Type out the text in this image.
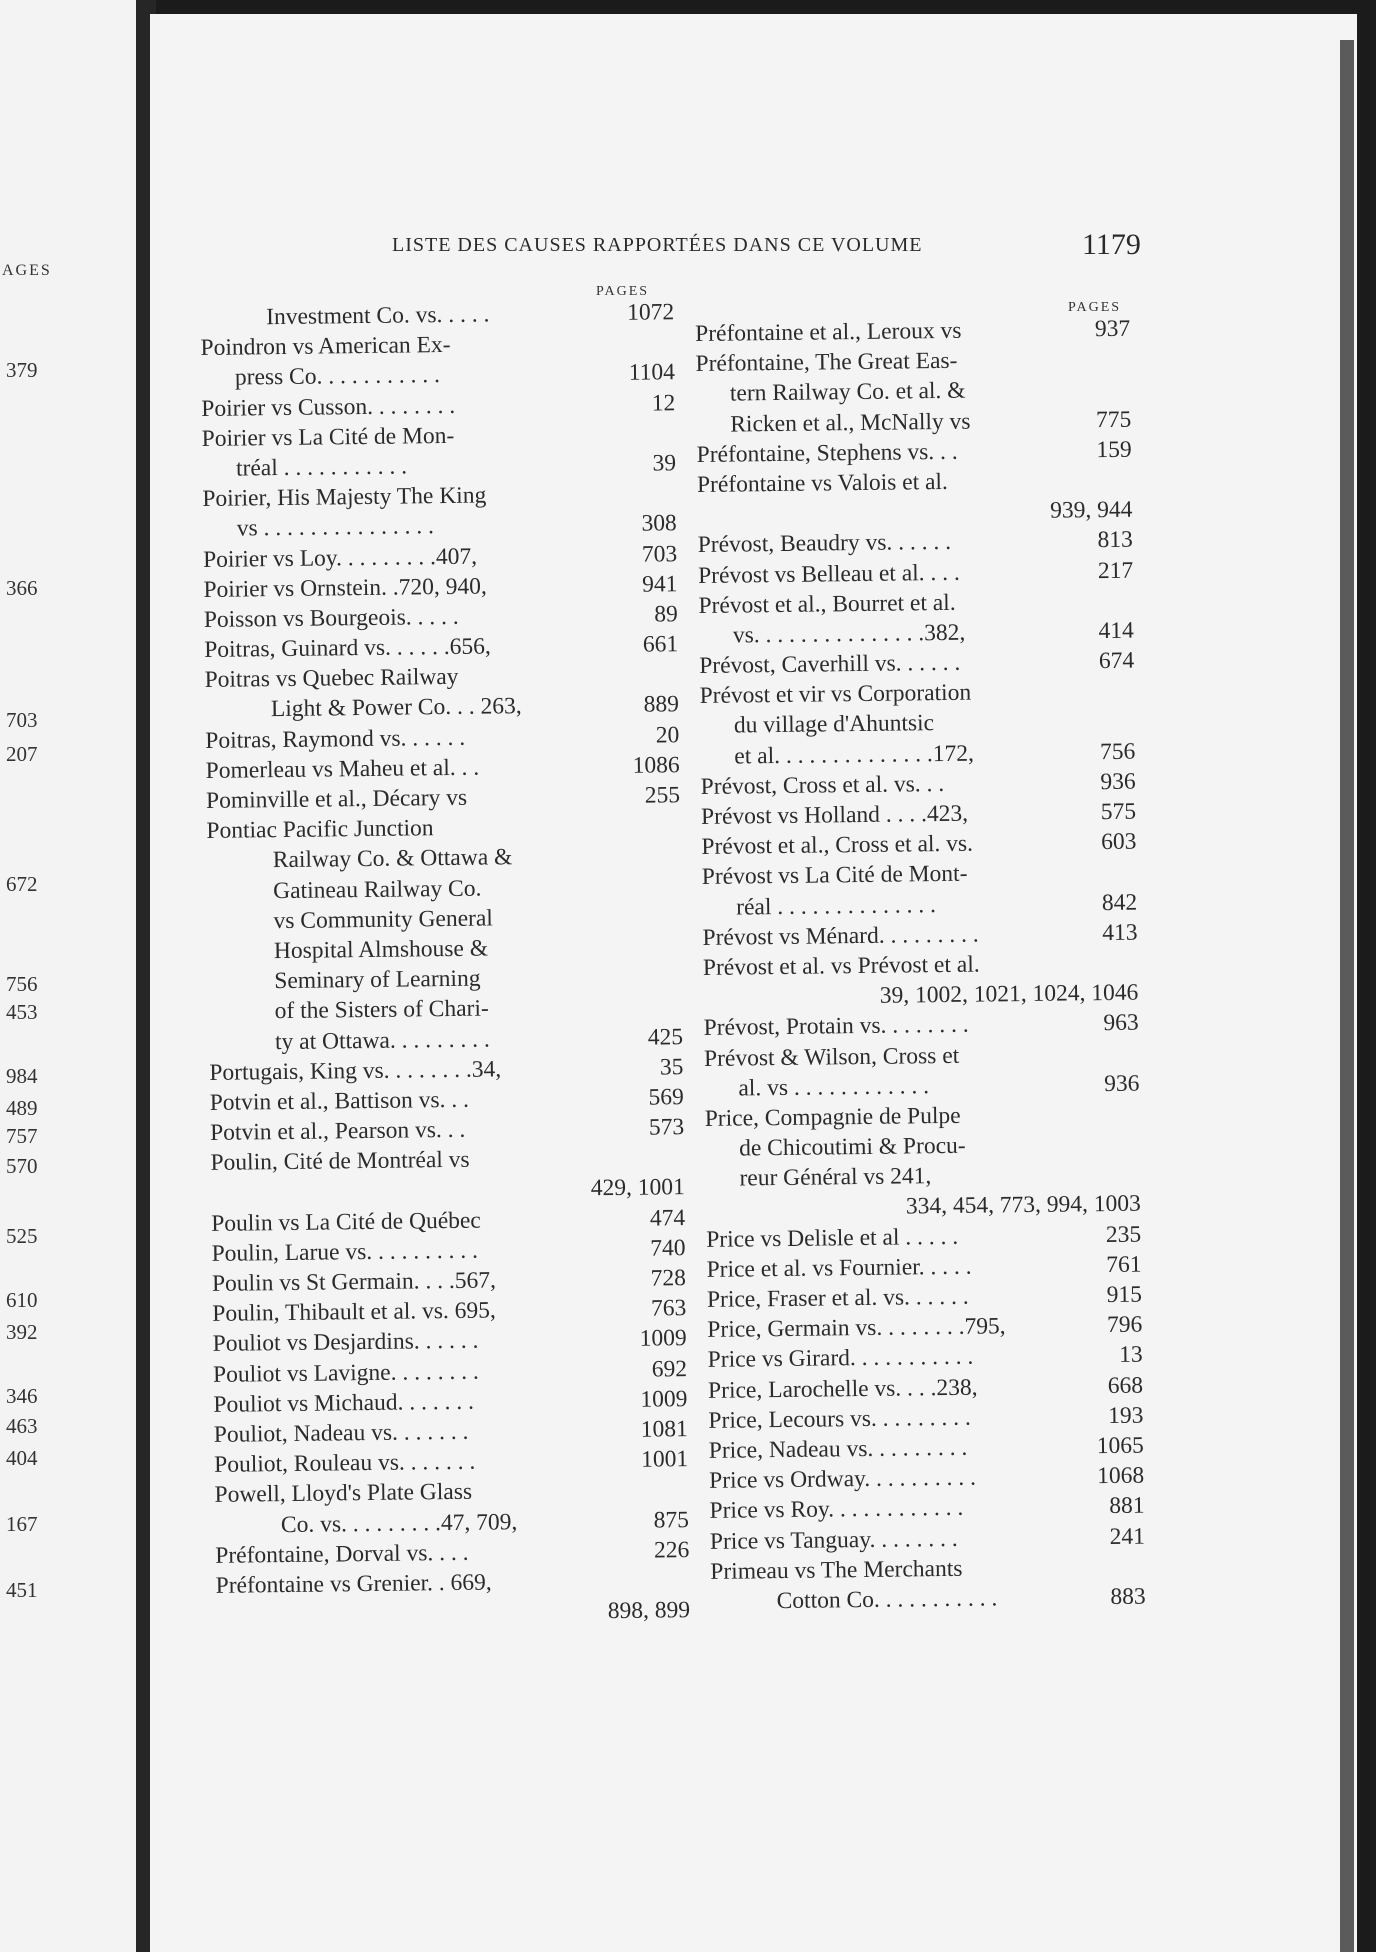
AGES
379
366
703
207
672
756
453
984
489
757
570
525
610
392
346
463
404
167
451
LISTE DES CAUSES RAPPORTÉES DANS CE VOLUME	1179
PAGES
PAGES
Investment Co. vs. . . . .	1072
Poindron vs American Ex-
press Co. . . . . . . . . . .	1104
Poirier vs Cusson. . . . . . . .	12
Poirier vs La Cité de Mon-
tréal . . . . . . . . . . .	39
Poirier, His Majesty The King
vs . . . . . . . . . . . . . . .	308
Poirier vs Loy. . . . . . . . .407,	703
Poirier vs Ornstein. .720, 940,	941
Poisson vs Bourgeois. . . . .	89
Poitras, Guinard vs. . . . . .656,	661
Poitras vs Quebec Railway
Light & Power Co. . . 263,	889
Poitras, Raymond vs. . . . . .	20
Pomerleau vs Maheu et al. . .	1086
Pominville et al., Décary vs	255
Pontiac Pacific Junction
Railway Co. & Ottawa &
Gatineau Railway Co.
vs Community General
Hospital Almshouse &
Seminary of Learning
of the Sisters of Chari-
ty at Ottawa. . . . . . . . .	425
Portugais, King vs. . . . . . . .34,	35
Potvin et al., Battison vs. . .	569
Potvin et al., Pearson vs. . .	573
Poulin, Cité de Montréal vs
429, 1001
Poulin vs La Cité de Québec	474
Poulin, Larue vs. . . . . . . . . .	740
Poulin vs St Germain. . . .567,	728
Poulin, Thibault et al. vs. 695,	763
Pouliot vs Desjardins. . . . . .	1009
Pouliot vs Lavigne. . . . . . . .	692
Pouliot vs Michaud. . . . . . .	1009
Pouliot, Nadeau vs. . . . . . .	1081
Pouliot, Rouleau vs. . . . . . .	1001
Powell, Lloyd's Plate Glass
Co. vs. . . . . . . . .47, 709,	875
Préfontaine, Dorval vs. . . .	226
Préfontaine vs Grenier. . 669,
898, 899
Préfontaine et al., Leroux vs	937
Préfontaine, The Great Eas-
tern Railway Co. et al. &
Ricken et al., McNally vs	775
Préfontaine, Stephens vs. . .	159
Préfontaine vs Valois et al.
939, 944
Prévost, Beaudry vs. . . . . .	813
Prévost vs Belleau et al. . . .	217
Prévost et al., Bourret et al.
vs. . . . . . . . . . . . . . .382,	414
Prévost, Caverhill vs. . . . . .	674
Prévost et vir vs Corporation
du village d'Ahuntsic
et al. . . . . . . . . . . . . .172,	756
Prévost, Cross et al. vs. . .	936
Prévost vs Holland . . . .423,	575
Prévost et al., Cross et al. vs.	603
Prévost vs La Cité de Mont-
réal . . . . . . . . . . . . . .	842
Prévost vs Ménard. . . . . . . . .	413
Prévost et al. vs Prévost et al.
39, 1002, 1021, 1024, 1046
Prévost, Protain vs. . . . . . . .	963
Prévost & Wilson, Cross et
al. vs . . . . . . . . . . . .	936
Price, Compagnie de Pulpe
de Chicoutimi & Procu-
reur Général vs 241,
334, 454, 773, 994, 1003
Price vs Delisle et al . . . . .	235
Price et al. vs Fournier. . . . .	761
Price, Fraser et al. vs. . . . . .	915
Price, Germain vs. . . . . . . .795,	796
Price vs Girard. . . . . . . . . . .	13
Price, Larochelle vs. . . .238,	668
Price, Lecours vs. . . . . . . . .	193
Price, Nadeau vs. . . . . . . . .	1065
Price vs Ordway. . . . . . . . . .	1068
Price vs Roy. . . . . . . . . . . .	881
Price vs Tanguay. . . . . . . .	241
Primeau vs The Merchants
Cotton Co. . . . . . . . . . .	883
